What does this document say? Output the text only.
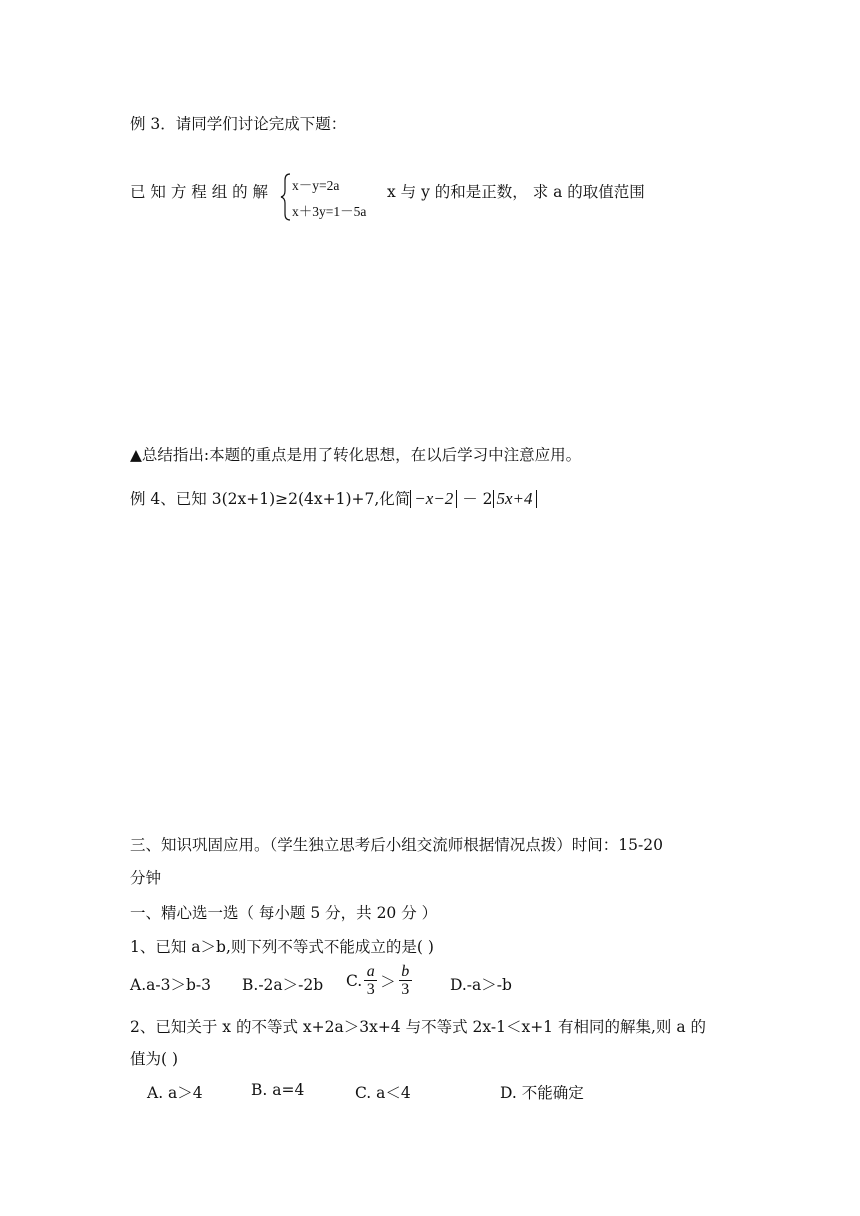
例 3．请同学们讨论完成下题：
已 知 方 程 组 的 解 x－y=2a
x＋3y=1－5a
x 与 y 的和是正数， 求 a 的取值范围
▲总结指出:本题的重点是用了转化思想，在以后学习中注意应用。
例 4、已知 3(2x+1)≥2(4x+1)+7,化简 −x−2 － 2 5x+4
三、知识巩固应用。（学生独立思考后小组交流师根据情况点拨）时间：15-20
分钟
一、精心选一选（ 每小题 5 分，共 20 分 ）
1、已知 a＞b,则下列不等式不能成立的是( )
A.a-3＞b-3 B.-2a＞-2b C. $\frac{a}{3} > \frac{b}{3} D.-a>-b$
2、已知关于 x 的不等式 x+2a＞3x+4 与不等式 2x-1＜x+1 有相同的解集,则 a 的
值为( )
A. a＞4	B. a=4	C. a＜4	D. 不能确定
